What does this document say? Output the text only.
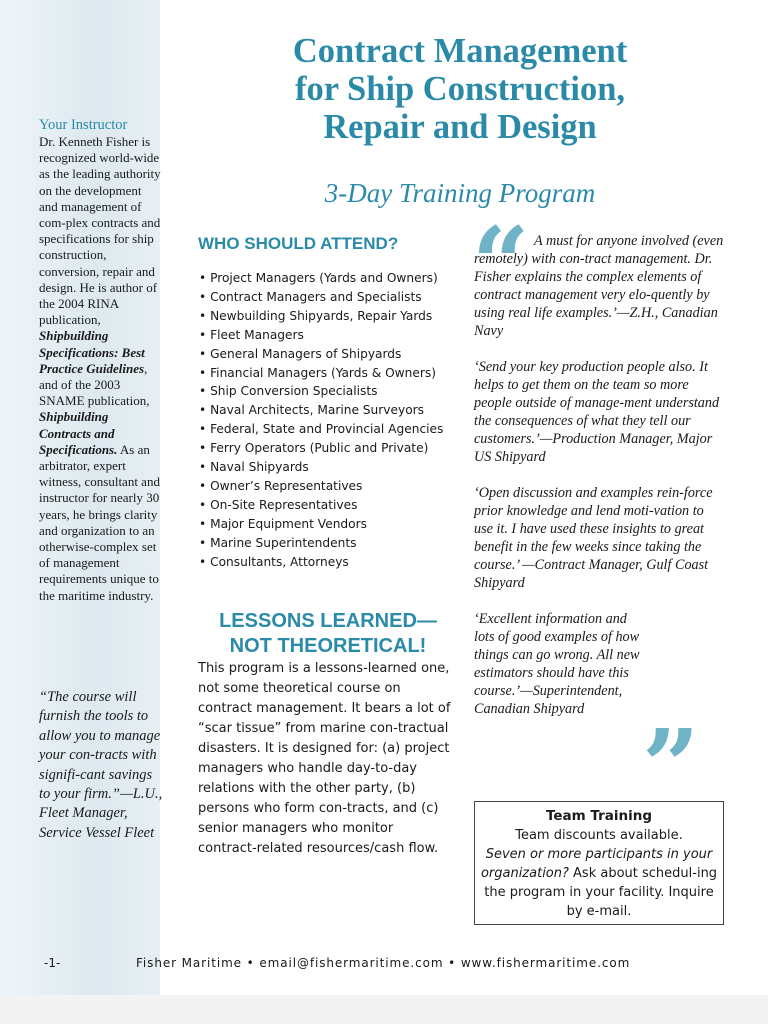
Your Instructor

Dr. Kenneth Fisher is recognized world-wide as the leading authority on the development and management of com-plex contracts and specifications for ship construction, conversion, repair and design. He is author of the 2004 RINA publication, Shipbuilding Specifications: Best Practice Guidelines, and of the 2003 SNAME publication, Shipbuilding Contracts and Specifications. As an arbitrator, expert witness, consultant and instructor for nearly 30 years, he brings clarity and organization to an otherwise-complex set of management requirements unique to the maritime industry.

“The course will furnish the tools to allow you to manage your con-tracts with signifi-cant savings to your firm.”—L.U., Fleet Manager, Service Vessel Fleet
Contract Management
for Ship Construction,
Repair and Design
3-Day Training Program
WHO SHOULD ATTEND?
• Project Managers (Yards and Owners)
• Contract Managers and Specialists
• Newbuilding Shipyards, Repair Yards
• Fleet Managers
• General Managers of Shipyards
• Financial Managers (Yards & Owners)
• Ship Conversion Specialists
• Naval Architects, Marine Surveyors
• Federal, State and Provincial Agencies
• Ferry Operators (Public and Private)
• Naval Shipyards
• Owner’s Representatives
• On-Site Representatives
• Major Equipment Vendors
• Marine Superintendents
• Consultants, Attorneys
LESSONS LEARNED—
NOT THEORETICAL!
This program is a lessons-learned one, not some theoretical course on contract management. It bears a lot of “scar tissue” from marine con-tractual disasters. It is designed for: (a) project managers who handle day-to-day relations with the other party, (b) persons who form con-tracts, and (c) senior managers who monitor contract-related resources/cash flow.
“ A must for anyone involved (even remotely) with con-tract management. Dr. Fisher explains the complex elements of contract management very elo-quently by using real life examples.’—Z.H., Canadian Navy

‘Send your key production people also. It helps to get them on the team so more people outside of manage-ment understand the consequences of what they tell our customers.’—Production Manager, Major US Shipyard

‘Open discussion and examples rein-force prior knowledge and lend moti-vation to use it. I have used these insights to great benefit in the few weeks since taking the course.’ —Contract Manager, Gulf Coast Shipyard

‘Excellent information and lots of good examples of how things can go wrong. All new estimators should have this course.’—Superintendent, Canadian Shipyard ”
Team Training
Team discounts available.
Seven or more participants in your organization? Ask about schedul-ing the program in your facility. Inquire by e-mail.
-1-	Fisher Maritime • email@fishermaritime.com • www.fishermaritime.com
